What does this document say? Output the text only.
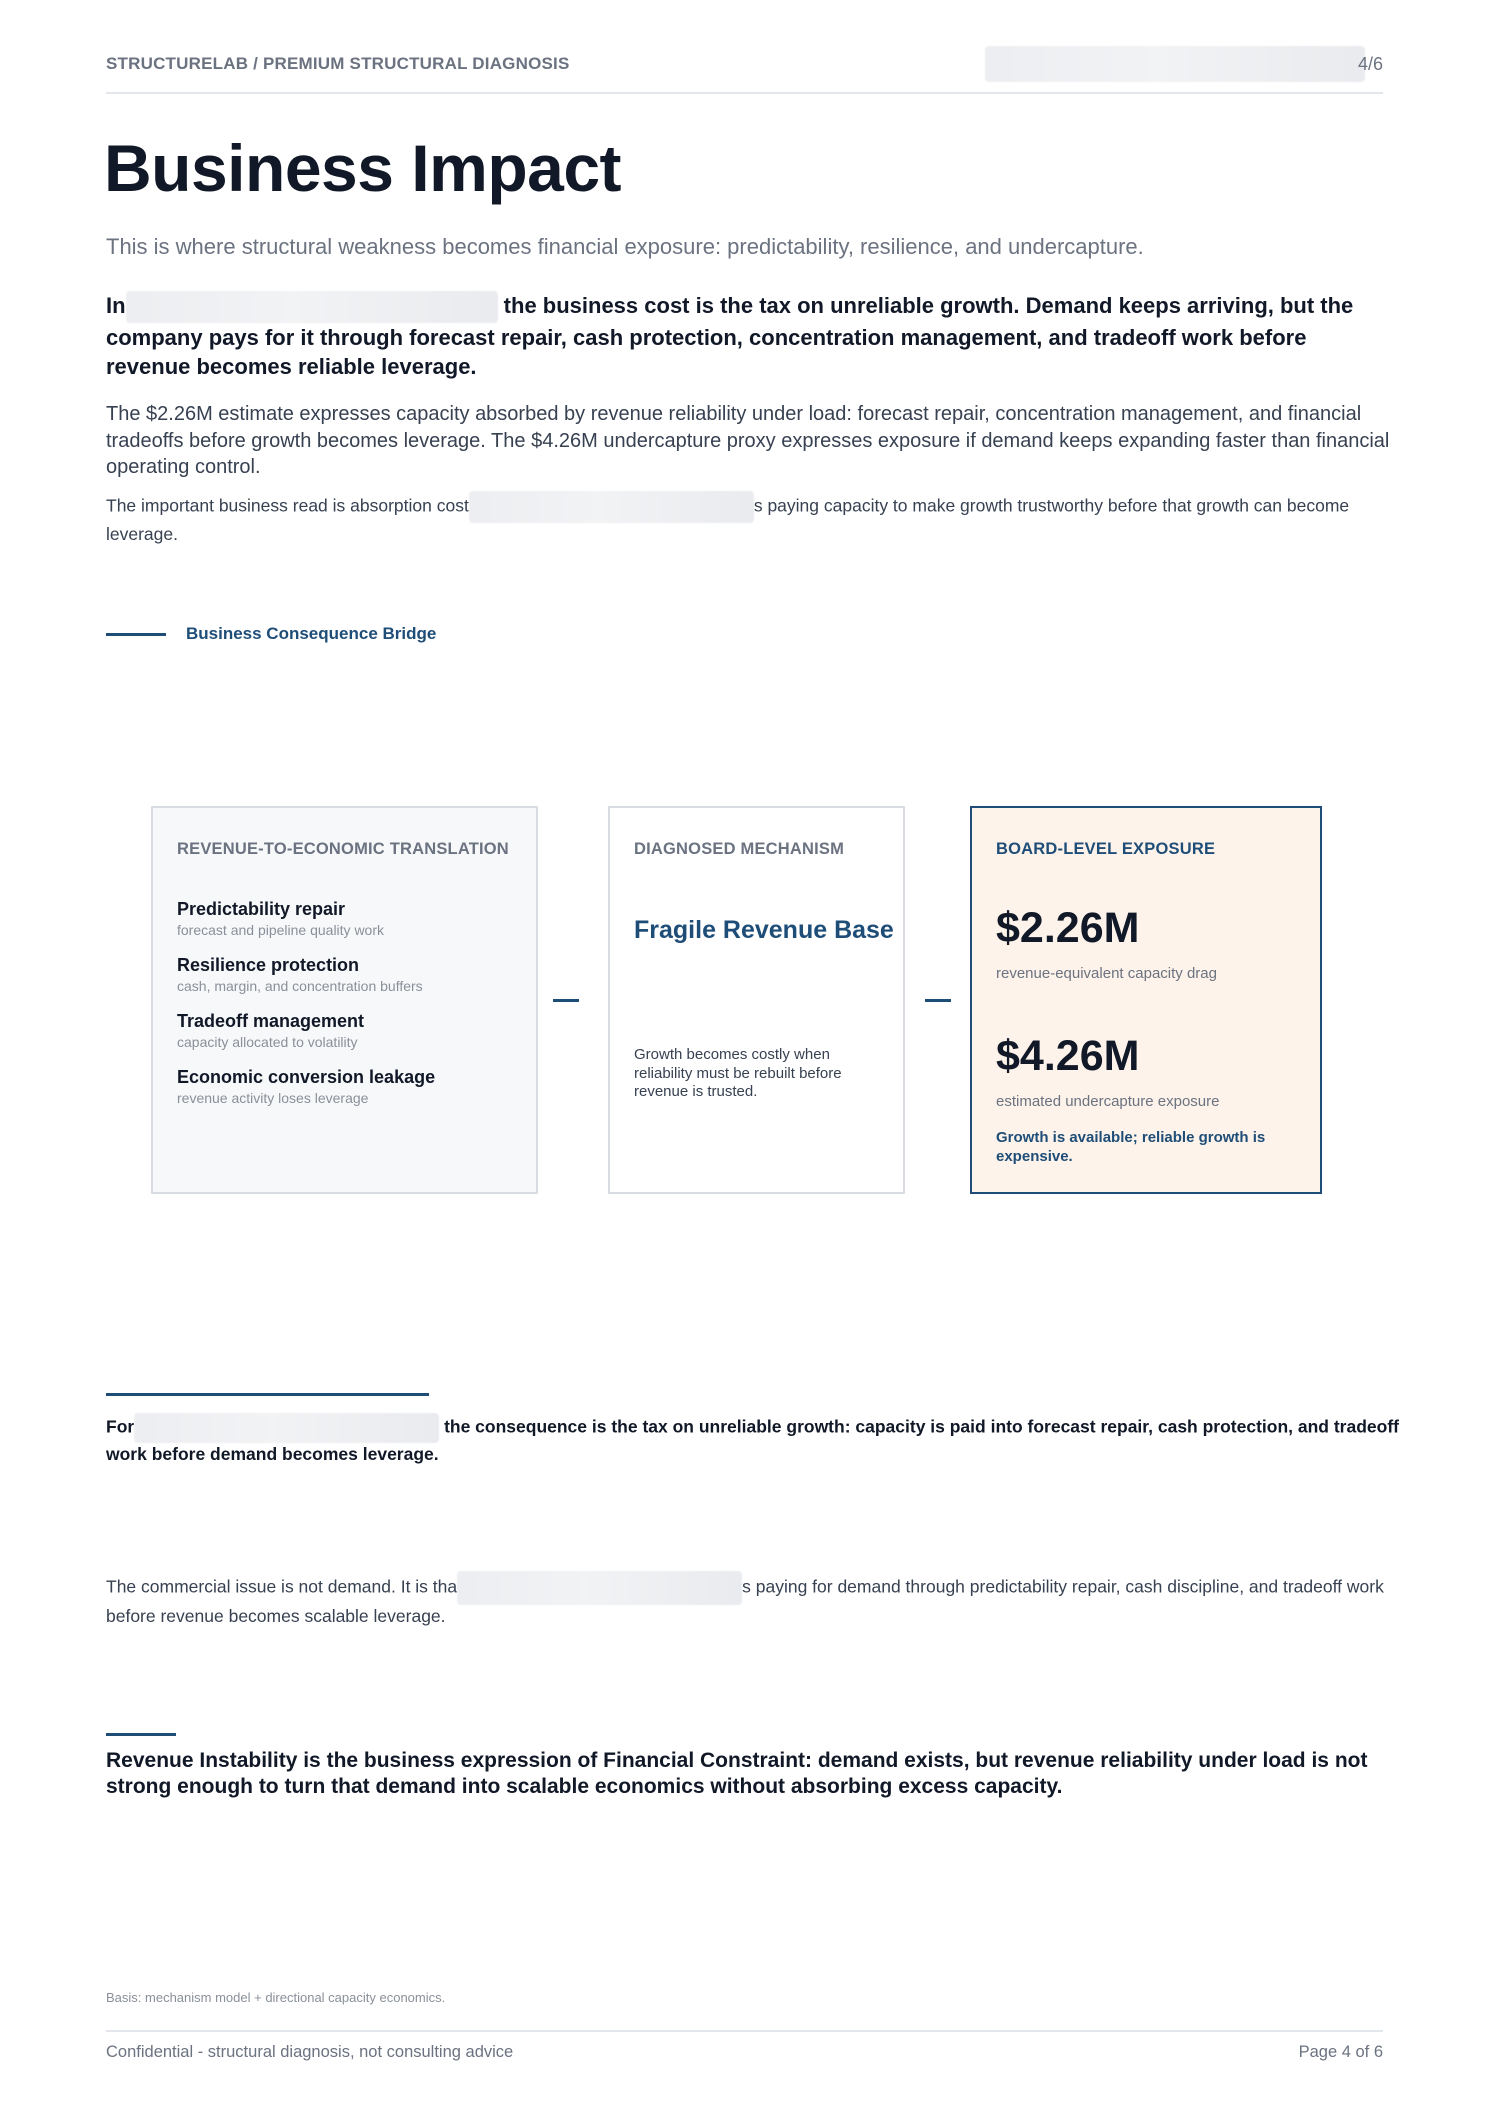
STRUCTURELAB / PREMIUM STRUCTURAL DIAGNOSIS	4/6
Business Impact
This is where structural weakness becomes financial exposure: predictability, resilience, and undercapture.
In	the business cost is the tax on unreliable growth. Demand keeps arriving, but the company pays for it through forecast repair, cash protection, concentration management, and tradeoff work before revenue becomes reliable leverage.
The $2.26M estimate expresses capacity absorbed by revenue reliability under load: forecast repair, concentration management, and financial tradeoffs before growth becomes leverage. The $4.26M undercapture proxy expresses exposure if demand keeps expanding faster than financial operating control.
The important business read is absorption cost	s paying capacity to make growth trustworthy before that growth can become leverage.
Business Consequence Bridge
REVENUE-TO-ECONOMIC TRANSLATION
Predictability repair
forecast and pipeline quality work
Resilience protection
cash, margin, and concentration buffers
Tradeoff management
capacity allocated to volatility
Economic conversion leakage
revenue activity loses leverage
DIAGNOSED MECHANISM
Fragile Revenue Base
Growth becomes costly when reliability must be rebuilt before revenue is trusted.
BOARD-LEVEL EXPOSURE
$2.26M
revenue-equivalent capacity drag
$4.26M
estimated undercapture exposure
Growth is available; reliable growth is expensive.
For	the consequence is the tax on unreliable growth: capacity is paid into forecast repair, cash protection, and tradeoff work before demand becomes leverage.
The commercial issue is not demand. It is tha	s paying for demand through predictability repair, cash discipline, and tradeoff work before revenue becomes scalable leverage.
Revenue Instability is the business expression of Financial Constraint: demand exists, but revenue reliability under load is not strong enough to turn that demand into scalable economics without absorbing excess capacity.
Basis: mechanism model + directional capacity economics.
Confidential - structural diagnosis, not consulting advice	Page 4 of 6
